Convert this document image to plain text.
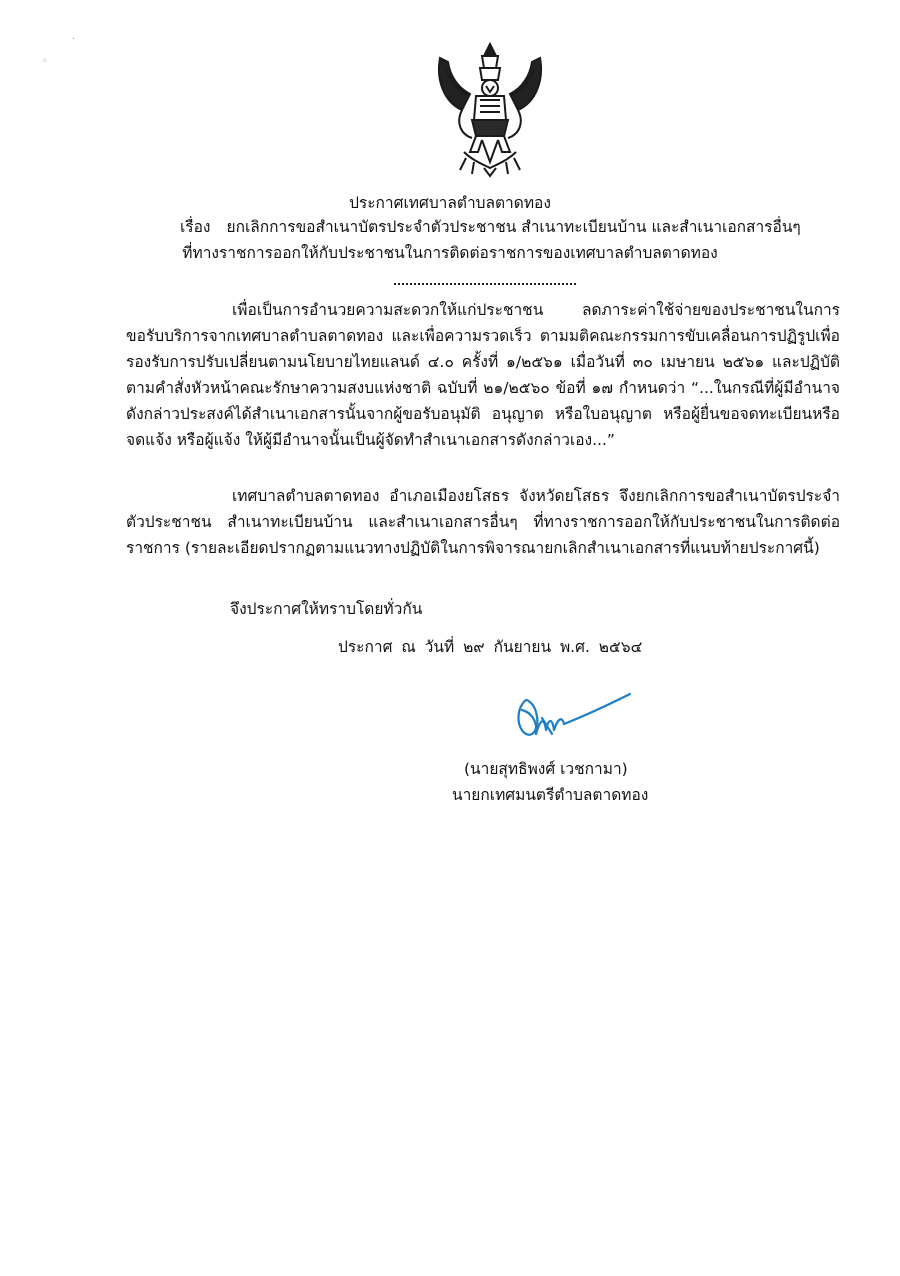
·
◦
ประกาศเทศบาลตำบลตาดทอง
เรื่อง ยกเลิกการขอสำเนาบัตรประจำตัวประชาชน สำเนาทะเบียนบ้าน และสำเนาเอกสารอื่นๆ
ที่ทางราชการออกให้กับประชาชนในการติดต่อราชการของเทศบาลตำบลตาดทอง
เพื่อเป็นการอำนวยความสะดวกให้แก่ประชาชน ลดภาระค่าใช้จ่ายของประชาชนในการขอรับบริการจากเทศบาลตำบลตาดทอง และเพื่อความรวดเร็ว ตามมติคณะกรรมการขับเคลื่อนการปฏิรูปเพื่อรองรับการปรับเปลี่ยนตามนโยบายไทยแลนด์ ๔.๐ ครั้งที่ ๑/๒๕๖๑ เมื่อวันที่ ๓๐ เมษายน ๒๕๖๑ และปฏิบัติตามคำสั่งหัวหน้าคณะรักษาความสงบแห่งชาติ ฉบับที่ ๒๑/๒๕๖๐ ข้อที่ ๑๗ กำหนดว่า “...ในกรณีที่ผู้มีอำนาจดังกล่าวประสงค์ได้สำเนาเอกสารนั้นจากผู้ขอรับอนุมัติ อนุญาต หรือใบอนุญาต หรือผู้ยื่นขอจดทะเบียนหรือจดแจ้ง หรือผู้แจ้ง ให้ผู้มีอำนาจนั้นเป็นผู้จัดทำสำเนาเอกสารดังกล่าวเอง...”
เทศบาลตำบลตาดทอง อำเภอเมืองยโสธร จังหวัดยโสธร จึงยกเลิกการขอสำเนาบัตรประจำตัวประชาชน สำเนาทะเบียนบ้าน และสำเนาเอกสารอื่นๆ ที่ทางราชการออกให้กับประชาชนในการติดต่อราชการ (รายละเอียดปรากฏตามแนวทางปฏิบัติในการพิจารณายกเลิกสำเนาเอกสารที่แนบท้ายประกาศนี้)
จึงประกาศให้ทราบโดยทั่วกัน
ประกาศ ณ วันที่ ๒๙ กันยายน พ.ศ. ๒๕๖๔
(นายสุทธิพงศ์ เวชกามา)
นายกเทศมนตรีตำบลตาดทอง
